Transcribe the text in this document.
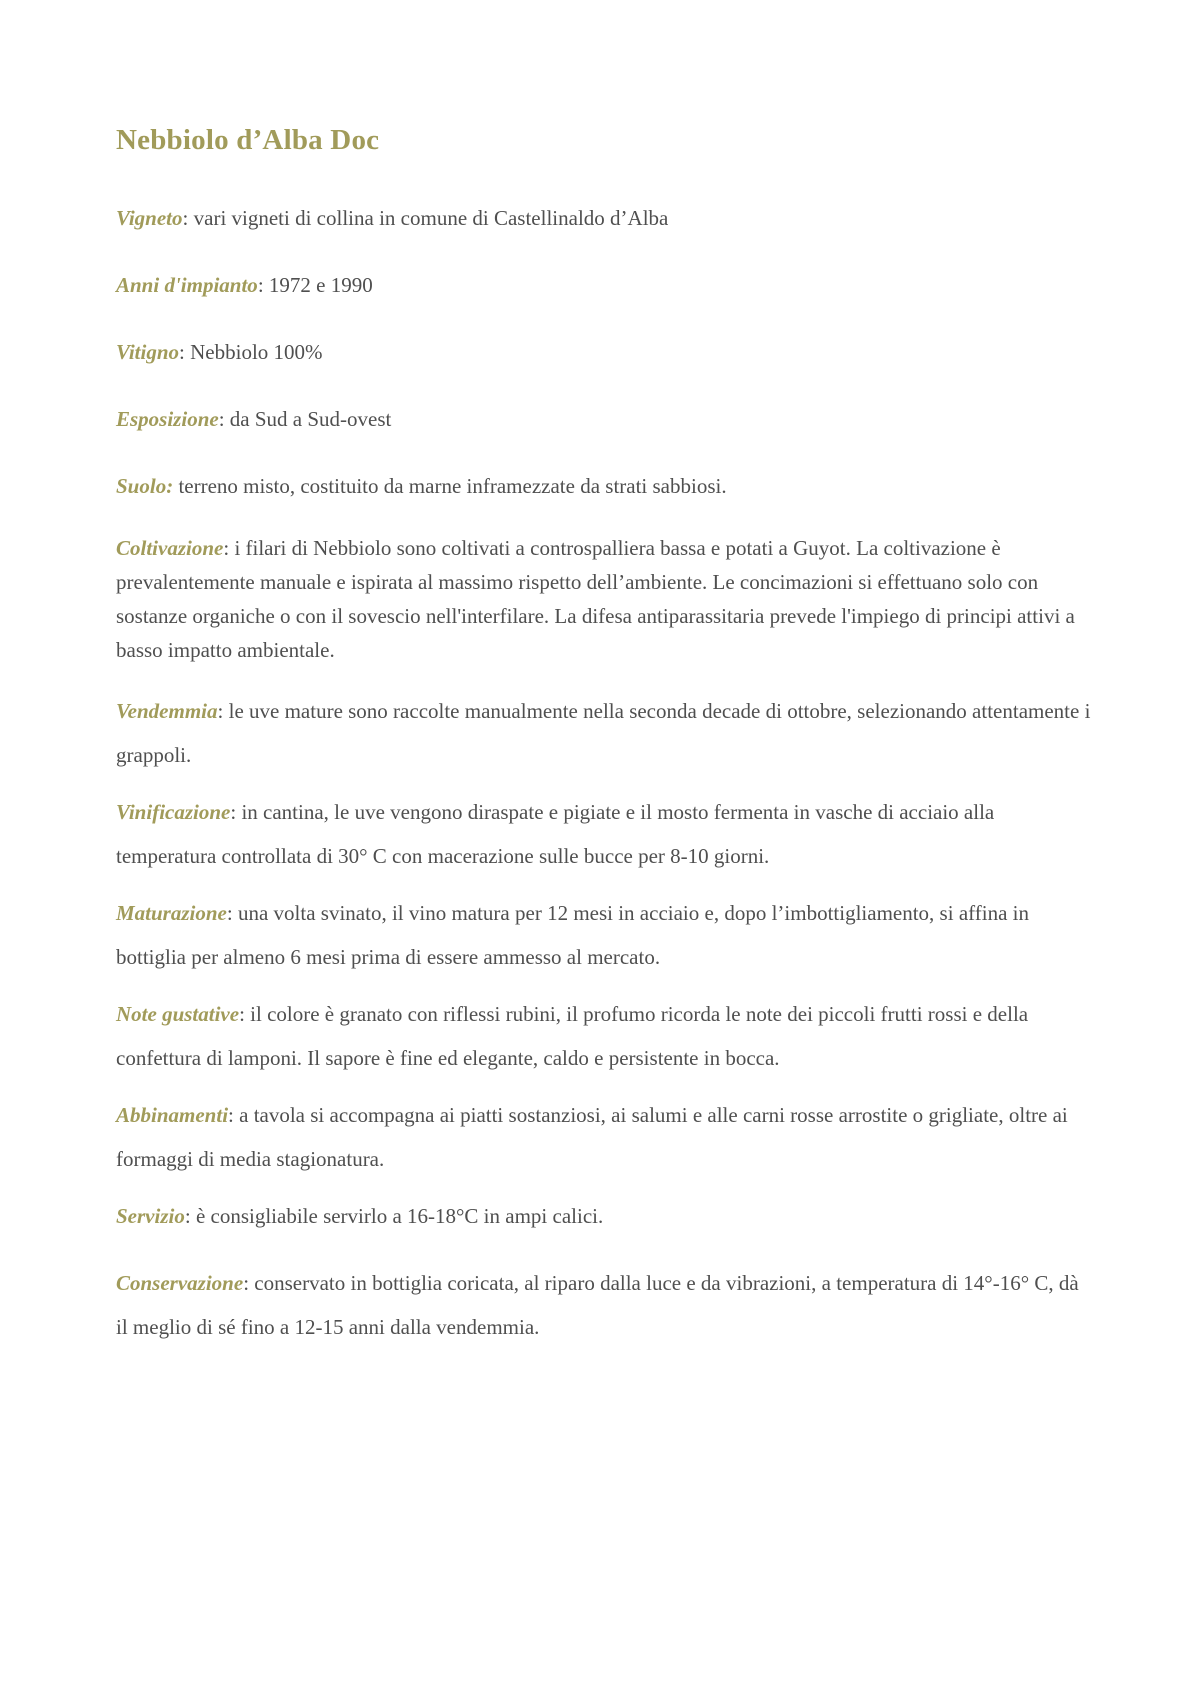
Nebbiolo d’Alba Doc

Vigneto: vari vigneti di collina in comune di Castellinaldo d’Alba

Anni d'impianto: 1972 e 1990

Vitigno: Nebbiolo 100%

Esposizione: da Sud a Sud-ovest

Suolo: terreno misto, costituito da marne inframezzate da strati sabbiosi.

Coltivazione: i filari di Nebbiolo sono coltivati a controspalliera bassa e potati a Guyot. La coltivazione è prevalentemente manuale e ispirata al massimo rispetto dell’ambiente. Le concimazioni si effettuano solo con sostanze organiche o con il sovescio nell'interfilare. La difesa antiparassitaria prevede l'impiego di principi attivi a basso impatto ambientale.

Vendemmia: le uve mature sono raccolte manualmente nella seconda decade di ottobre, selezionando attentamente i grappoli.

Vinificazione: in cantina, le uve vengono diraspate e pigiate e il mosto fermenta in vasche di acciaio alla temperatura controllata di 30° C con macerazione sulle bucce per 8-10 giorni.

Maturazione: una volta svinato, il vino matura per 12 mesi in acciaio e, dopo l’imbottigliamento, si affina in bottiglia per almeno 6 mesi prima di essere ammesso al mercato.

Note gustative: il colore è granato con riflessi rubini, il profumo ricorda le note dei piccoli frutti rossi e della confettura di lamponi. Il sapore è fine ed elegante, caldo e persistente in bocca.

Abbinamenti: a tavola si accompagna ai piatti sostanziosi, ai salumi e alle carni rosse arrostite o grigliate, oltre ai formaggi di media stagionatura.

Servizio: è consigliabile servirlo a 16-18°C in ampi calici.

Conservazione: conservato in bottiglia coricata, al riparo dalla luce e da vibrazioni, a temperatura di 14°-16° C, dà il meglio di sé fino a 12-15 anni dalla vendemmia.
